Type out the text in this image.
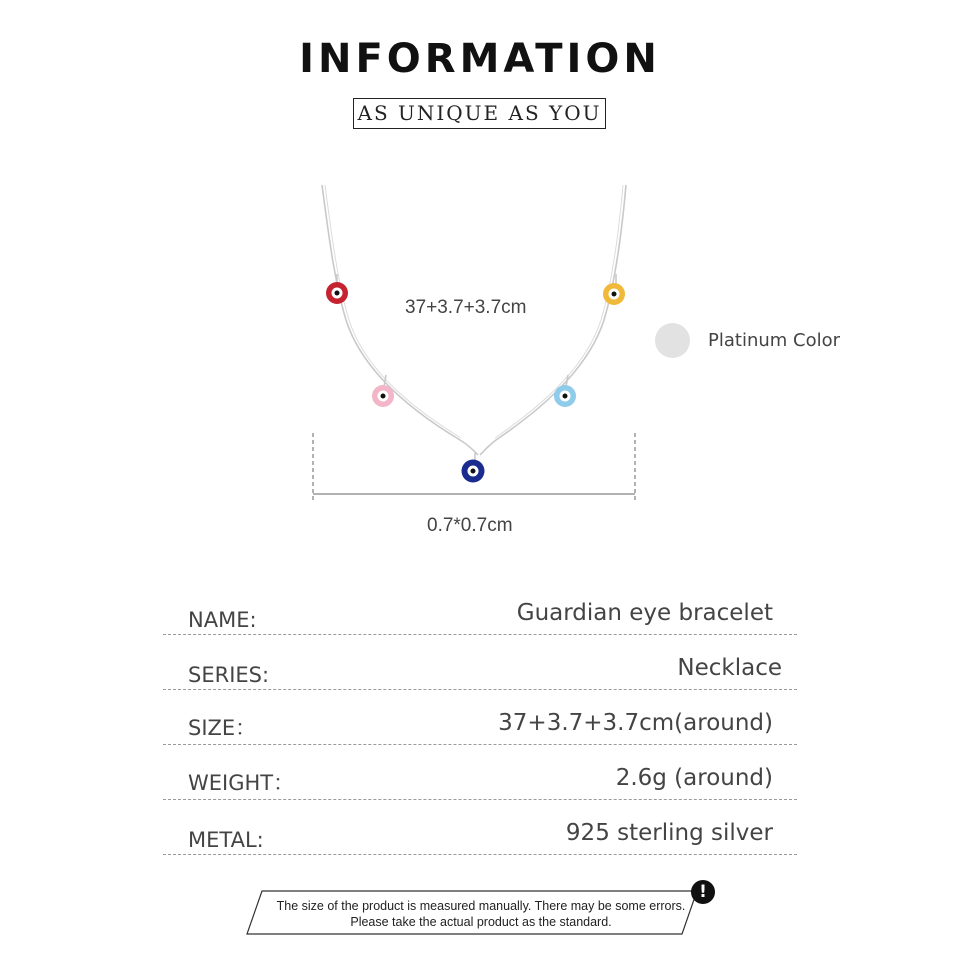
INFORMATION
AS UNIQUE AS YOU
37+3.7+3.7cm
0.7*0.7cm
Platinum Color
NAME:	Guardian eye bracelet
SERIES:	Necklace
SIZE：	37+3.7+3.7cm(around)
WEIGHT：	2.6g (around)
METAL:	925 sterling silver
The size of the product is measured manually. There may be some errors.
Please take the actual product as the standard.
!
